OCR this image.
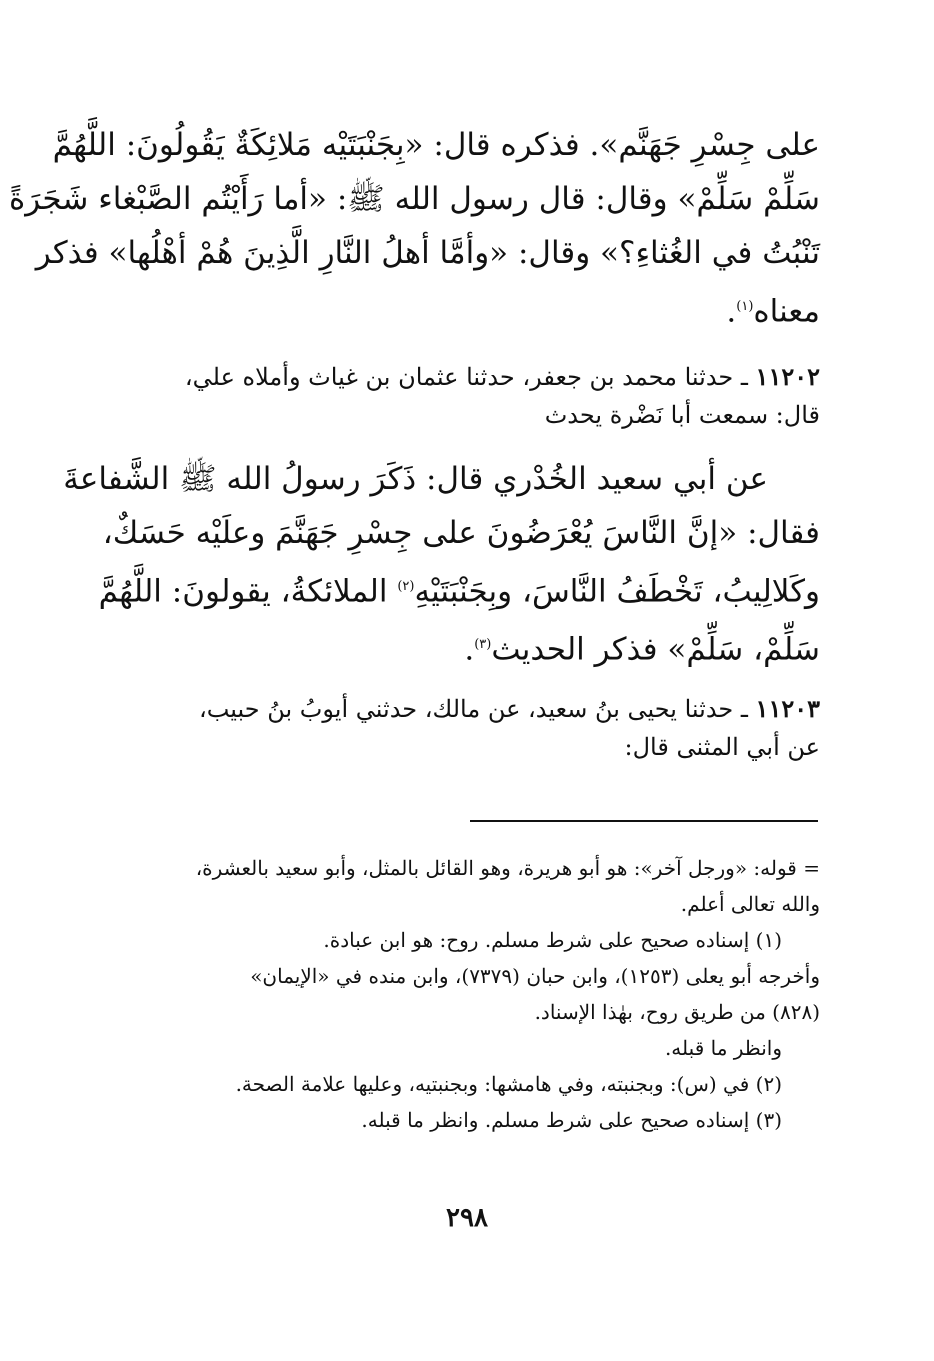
على جِسْرِ جَهَنَّم». فذكره قال: «بِجَنْبَتَيْه مَلائِكَةٌ يَقُولُونَ: اللَّهُمَّ
سَلِّمْ سَلِّمْ» وقال: قال رسول الله ﷺ: «أما رَأَيْتُم الصَّبْغاء شَجَرَةً
تَنْبُتُ في الغُثاءِ؟» وقال: «وأمَّا أهلُ النَّارِ الَّذِينَ هُمْ أهْلُها» فذكر
معناه$^{(١)}$.
١١٢٠٢ ـ حدثنا محمد بن جعفر، حدثنا عثمان بن غياث وأملاه علي،
قال: سمعت أبا نَضْرة يحدث
عن أبي سعيد الخُدْري قال: ذَكَرَ رسولُ الله ﷺ الشَّفاعةَ
فقال: «إنَّ النَّاسَ يُعْرَضُونَ على جِسْرِ جَهَنَّمَ وعلَيْه حَسَكٌ،
وكَلالِيبُ، تَخْطَفُ النَّاسَ، وبِجَنْبَتَيْهِ$^{(٢)}$ الملائكةُ، يقولونَ: اللَّهُمَّ
سَلِّمْ، سَلِّمْ» فذكر الحديث$^{(٣)}$.
١١٢٠٣ ـ حدثنا يحيى بنُ سعيد، عن مالك، حدثني أيوبُ بنُ حبيب،
عن أبي المثنى قال:
= قوله: «ورجل آخر»: هو أبو هريرة، وهو القائل بالمثل، وأبو سعيد بالعشرة،
والله تعالى أعلم.
(١) إسناده صحيح على شرط مسلم. روح: هو ابن عبادة.
وأخرجه أبو يعلى (١٢٥٣)، وابن حبان (٧٣٧٩)، وابن منده في «الإيمان»
(٨٢٨) من طريق روح، بهٰذا الإسناد.
وانظر ما قبله.
(٢) في (س): وبجنبته، وفي هامشها: وبجنبتيه، وعليها علامة الصحة.
(٣) إسناده صحيح على شرط مسلم. وانظر ما قبله.
٢٩٨
